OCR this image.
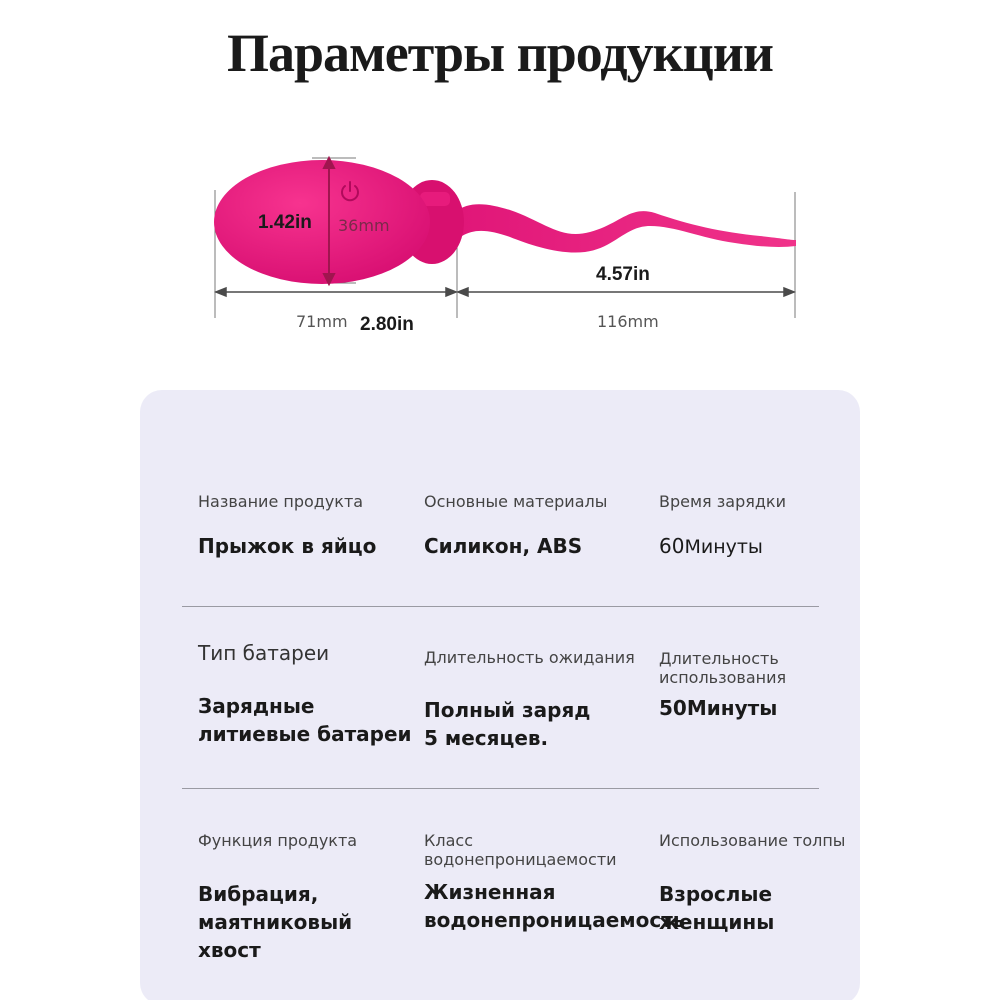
Параметры продукции
1.42in 36mm
71mm 2.80in
4.57in
116mm
Название продукта
Прыжок в яйцо
Основные материалы
Силикон, ABS
Время зарядки
60Минуты
Тип батареи
Зарядные
литиевые батареи
Длительность ожидания
Полный заряд
5 месяцев.
Длительность
использования
50Минуты
Функция продукта
Вибрация,
маятниковый
хвост
Класс
водонепроницаемости
Жизненная
водонепроницаемость
Использование толпы
Взрослые
женщины
